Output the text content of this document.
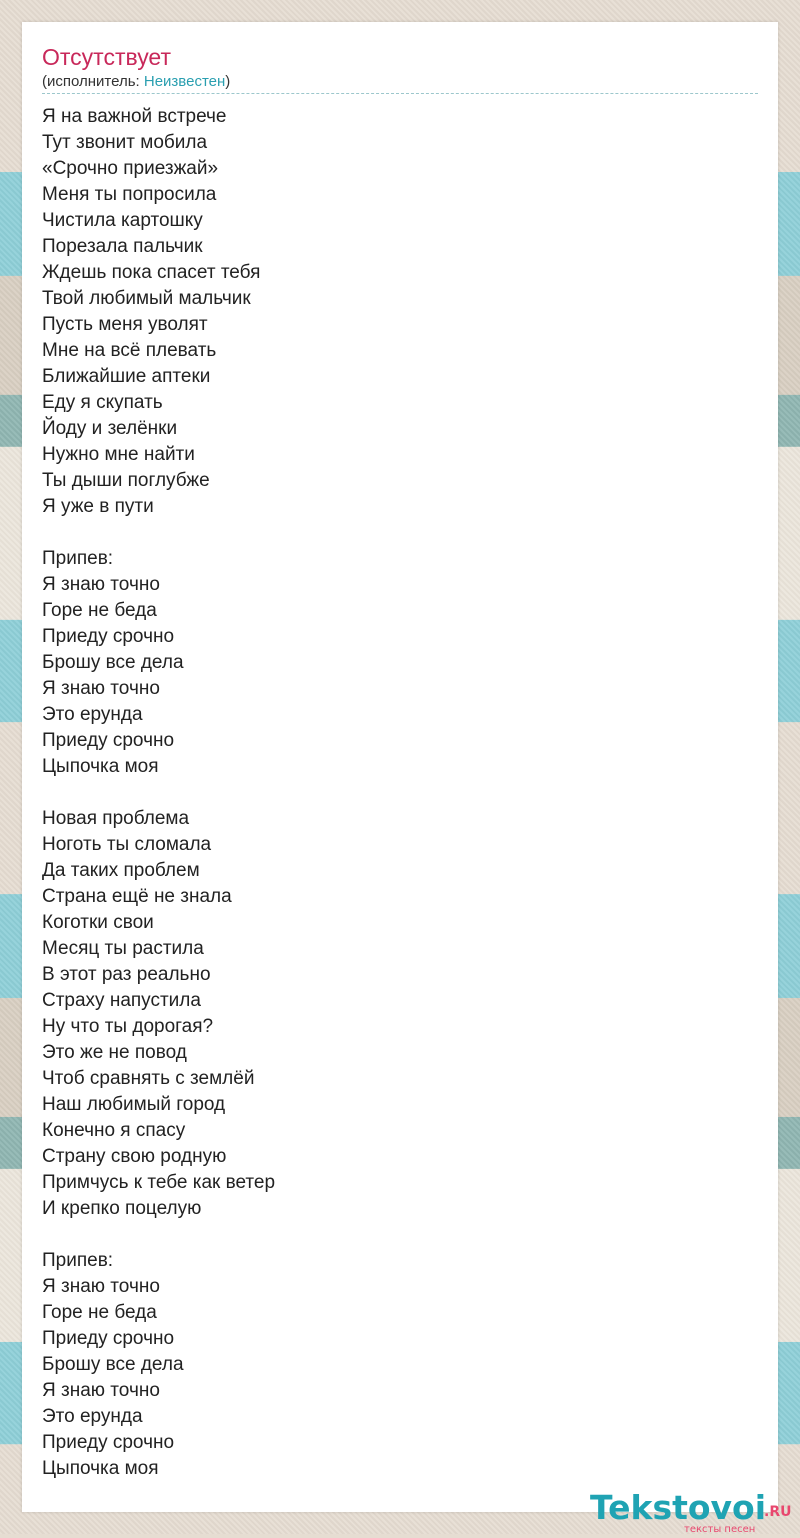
Отсутствует
(исполнитель: Неизвестен)
Я на важной встрече
Тут звонит мобила
«Срочно приезжай»
Меня ты попросила
Чистила картошку
Порезала пальчик
Ждешь пока спасет тебя
Твой любимый мальчик
Пусть меня уволят
Мне на всё плевать
Ближайшие аптеки
Еду я скупать
Йоду и зелёнки
Нужно мне найти
Ты дыши поглубже
Я уже в пути
Припев:
Я знаю точно
Горе не беда
Приеду срочно
Брошу все дела
Я знаю точно
Это ерунда
Приеду срочно
Цыпочка моя
Новая проблема
Ноготь ты сломала
Да таких проблем
Страна ещё не знала
Коготки свои
Месяц ты растила
В этот раз реально
Страху напустила
Ну что ты дорогая?
Это же не повод
Чтоб сравнять с землёй
Наш любимый город
Конечно я спасу
Страну свою родную
Примчусь к тебе как ветер
И крепко поцелую
Припев:
Я знаю точно
Горе не беда
Приеду срочно
Брошу все дела
Я знаю точно
Это ерунда
Приеду срочно
Цыпочка моя
Tekstovoi
.RU
тексты песен
